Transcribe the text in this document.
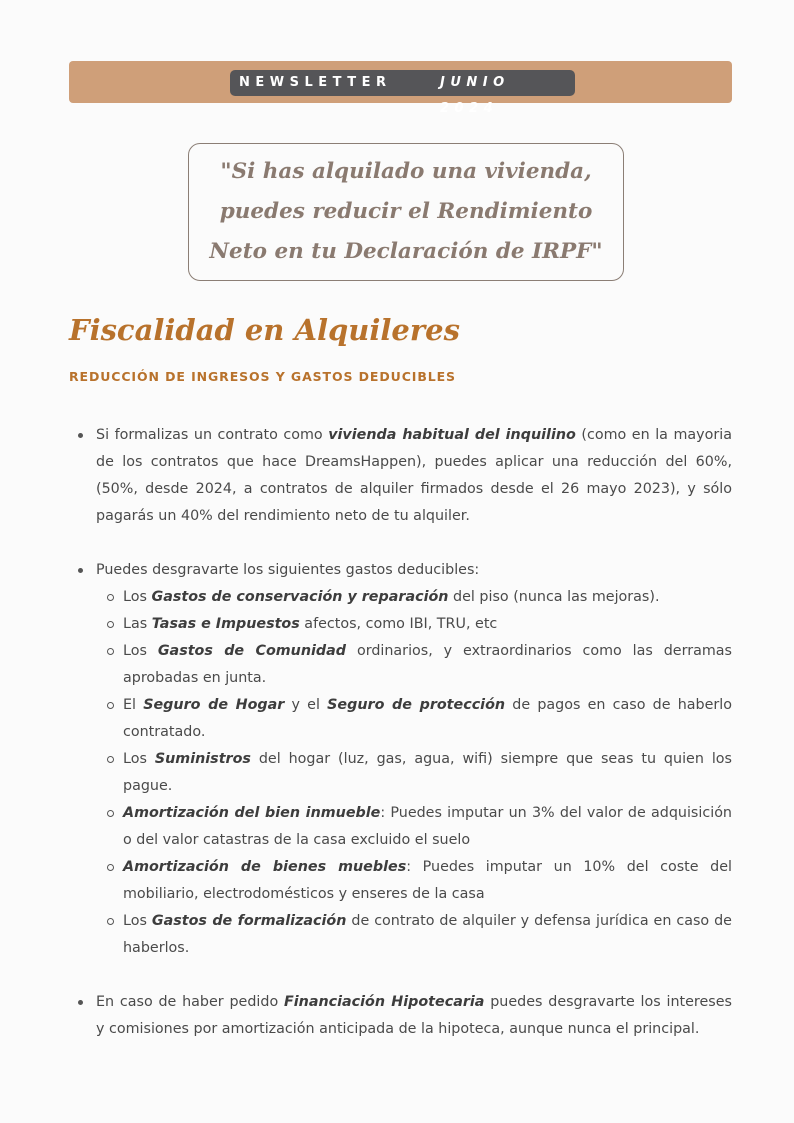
NEWSLETTER	JUNIO 2024

"Si has alquilado una vivienda,
puedes reducir el Rendimiento
Neto en tu Declaración de IRPF"

Fiscalidad en Alquileres
REDUCCIÓN DE INGRESOS Y GASTOS DEDUCIBLES
Si formalizas un contrato como vivienda habitual del inquilino (como en la mayoria de los contratos que hace DreamsHappen), puedes aplicar una reducción del 60%, (50%, desde 2024, a contratos de alquiler firmados desde el 26 mayo 2023), y sólo pagarás un 40% del rendimiento neto de tu alquiler.
Puedes desgravarte los siguientes gastos deducibles:
Los Gastos de conservación y reparación del piso (nunca las mejoras).
Las Tasas e Impuestos afectos, como IBI, TRU, etc
Los Gastos de Comunidad ordinarios, y extraordinarios como las derramas aprobadas en junta.
El Seguro de Hogar y el Seguro de protección de pagos en caso de haberlo contratado.
Los Suministros del hogar (luz, gas, agua, wifi) siempre que seas tu quien los pague.
Amortización del bien inmueble: Puedes imputar un 3% del valor de adquisición o del valor catastras de la casa excluido el suelo
Amortización de bienes muebles: Puedes imputar un 10% del coste del mobiliario, electrodomésticos y enseres de la casa
Los Gastos de formalización de contrato de alquiler y defensa jurídica en caso de haberlos.
En caso de haber pedido Financiación Hipotecaria puedes desgravarte los intereses y comisiones por amortización anticipada de la hipoteca, aunque nunca el principal.
